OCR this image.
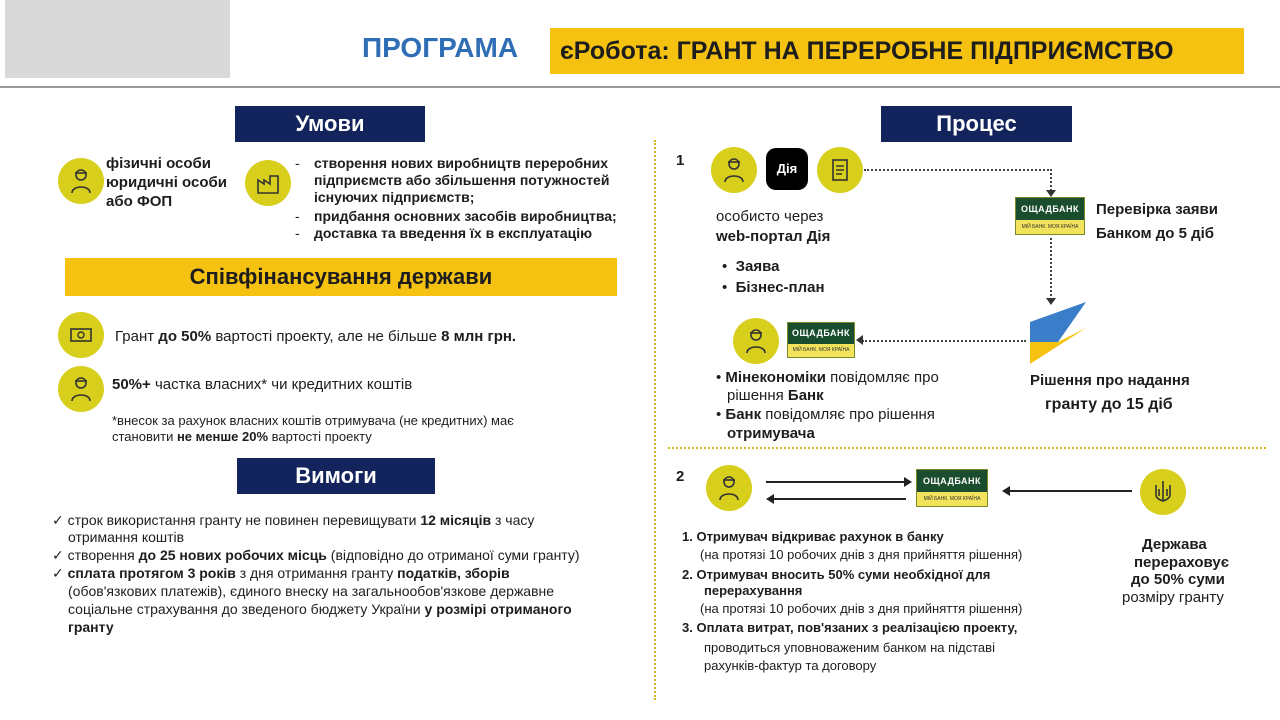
ПРОГРАМА	єРобота: ГРАНТ НА ПЕРЕРОБНЕ ПІДПРИЄМСТВО
Умови
фізичні особи
юридичні особи
або ФОП
- створення нових виробництв переробних
підприємств або збільшення потужностей
існуючих підприємств;
- придбання основних засобів виробництва;
- доставка та введення їх в експлуатацію
Співфінансування держави
Грант до 50% вартості проекту, але не більше 8 млн грн.
50%+ частка власних* чи кредитних коштів
*внесок за рахунок власних коштів отримувача (не кредитних) має
становити не менше 20% вартості проекту
Вимоги
✓ строк використання гранту не повинен перевищувати 12 місяців з часу
отримання коштів
✓ створення до 25 нових робочих місць (відповідно до отриманої суми гранту)
✓ сплата протягом 3 років з дня отримання гранту податків, зборів
(обов'язкових платежів), єдиного внеску на загальнообов'язкове державне
соціальне страхування до зведеного бюджету України у розмірі отриманого
гранту
Процес
1	Дія
ОЩАДБАНК
МІЙ БАНК. МОЯ КРАЇНА
Перевірка заяви
Банком до 5 діб
особисто через
web-портал Дія
•  Заява
•  Бізнес-план
ОЩАДБАНК
МІЙ БАНК. МОЯ КРАЇНА
Рішення про надання
гранту до 15 діб
• Мінекономіки повідомляє про
рішення Банк
• Банк повідомляє про рішення
отримувача
2	ОЩАДБАНК
МІЙ БАНК. МОЯ КРАЇНА
1. Отримувач відкриває рахунок в банку
(на протязі 10 робочих днів з дня прийняття рішення)
2. Отримувач вносить 50% суми необхідної для
перерахування
(на протязі 10 робочих днів з дня прийняття рішення)
3. Оплата витрат, пов'язаних з реалізацією проекту,
проводиться уповноваженим банком на підставі
рахунків-фактур та договору
Держава
перераховує
до 50% суми
розміру гранту
